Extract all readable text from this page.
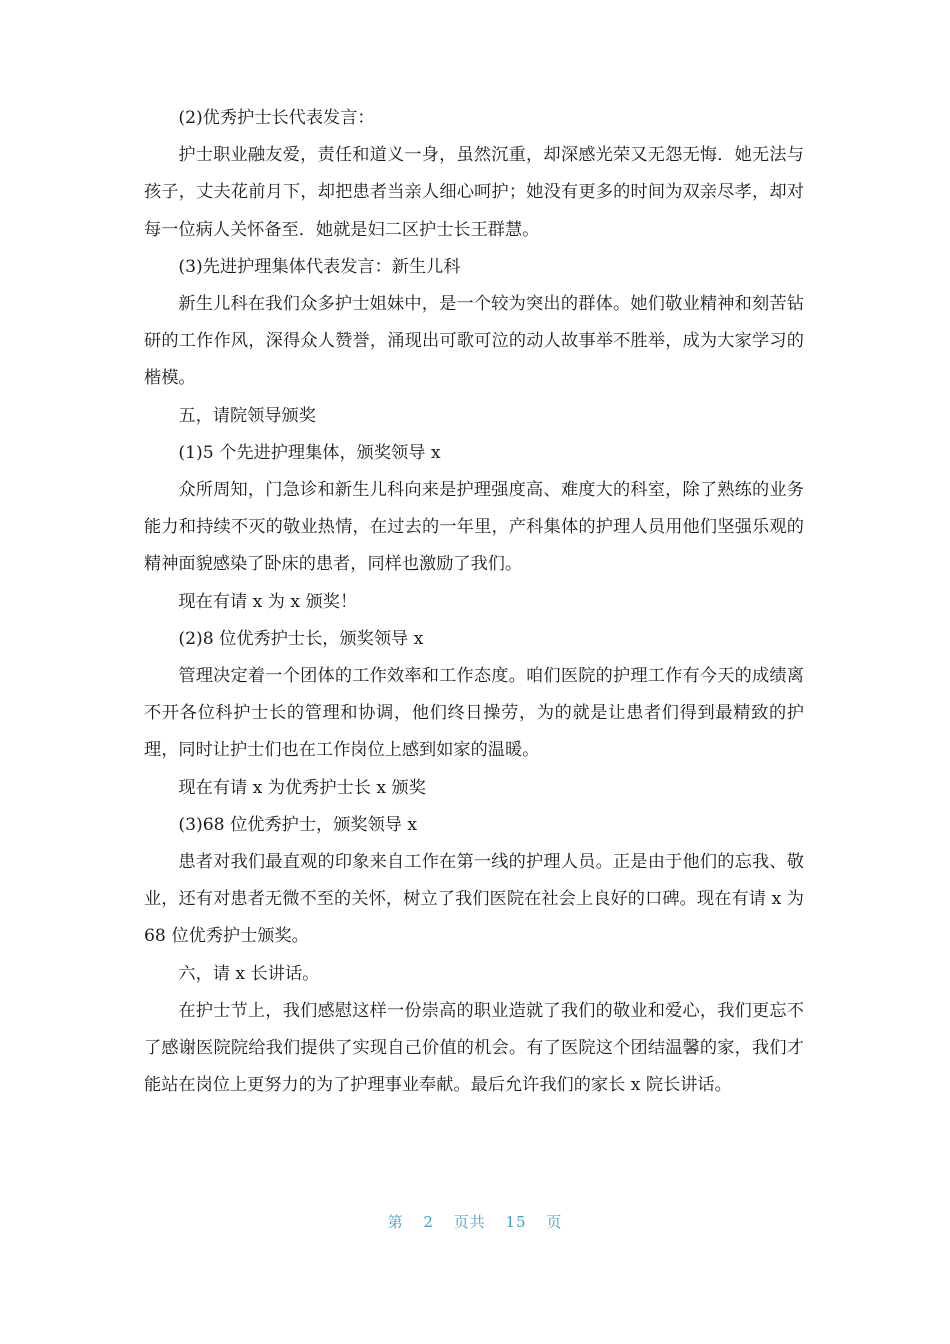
(2)优秀护士长代表发言：

护士职业融友爱，责任和道义一身，虽然沉重，却深感光荣又无怨无悔．她无法与孩子，丈夫花前月下，却把患者当亲人细心呵护；她没有更多的时间为双亲尽孝，却对每一位病人关怀备至．她就是妇二区护士长王群慧。

(3)先进护理集体代表发言：新生儿科

新生儿科在我们众多护士姐妹中，是一个较为突出的群体。她们敬业精神和刻苦钻研的工作作风，深得众人赞誉，涌现出可歌可泣的动人故事举不胜举，成为大家学习的楷模。

五，请院领导颁奖

(1)5 个先进护理集体，颁奖领导 x

众所周知，门急诊和新生儿科向来是护理强度高、难度大的科室，除了熟练的业务能力和持续不灭的敬业热情，在过去的一年里，产科集体的护理人员用他们坚强乐观的精神面貌感染了卧床的患者，同样也激励了我们。

现在有请 x 为 x 颁奖！

(2)8 位优秀护士长，颁奖领导 x

管理决定着一个团体的工作效率和工作态度。咱们医院的护理工作有今天的成绩离不开各位科护士长的管理和协调，他们终日操劳，为的就是让患者们得到最精致的护理，同时让护士们也在工作岗位上感到如家的温暖。

现在有请 x 为优秀护士长 x 颁奖

(3)68 位优秀护士，颁奖领导 x

患者对我们最直观的印象来自工作在第一线的护理人员。正是由于他们的忘我、敬业，还有对患者无微不至的关怀，树立了我们医院在社会上良好的口碑。现在有请 x 为 68 位优秀护士颁奖。

六，请 x 长讲话。

在护士节上，我们感慰这样一份崇高的职业造就了我们的敬业和爱心，我们更忘不了感谢医院院给我们提供了实现自己价值的机会。有了医院这个团结温馨的家，我们才能站在岗位上更努力的为了护理事业奉献。最后允许我们的家长 x 院长讲话。

第 2 页共 15 页
